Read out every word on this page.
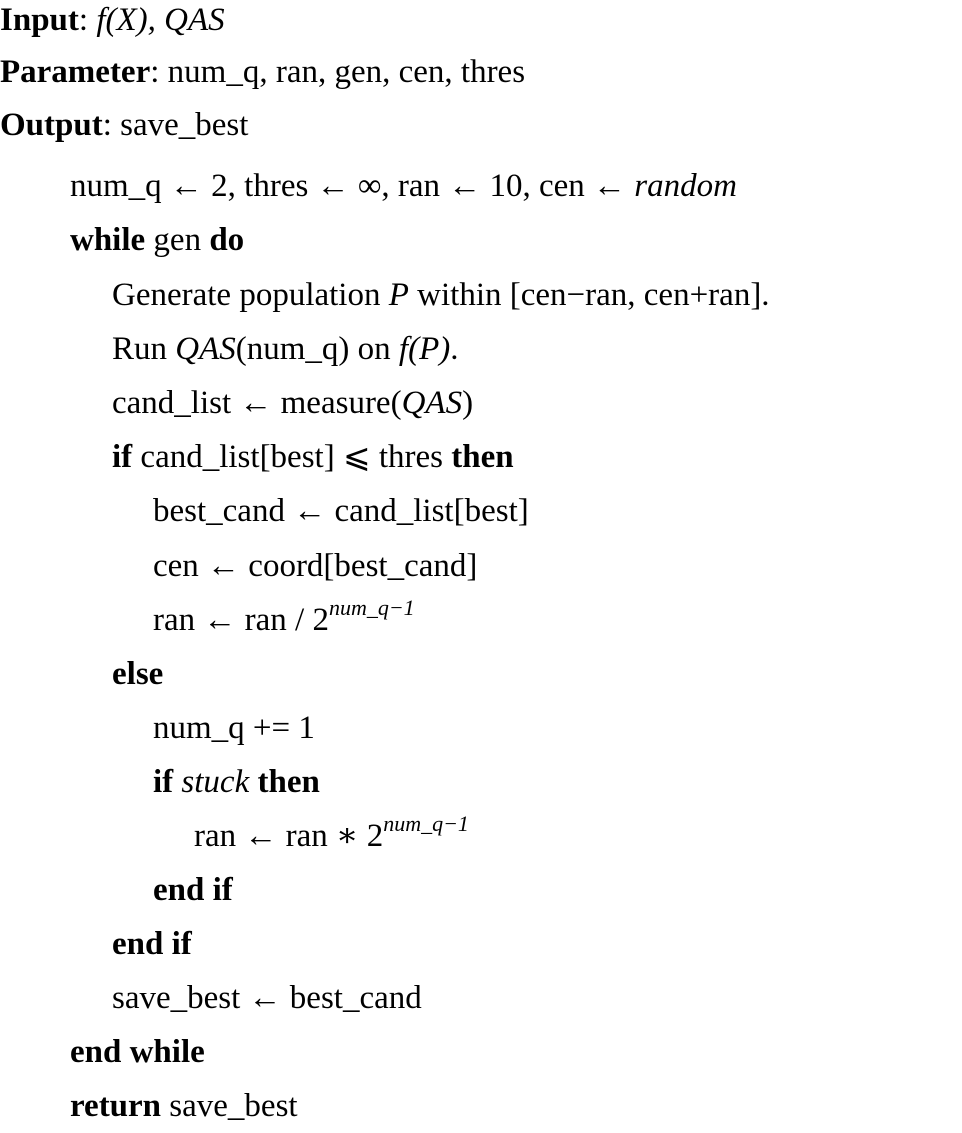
Input: f(X), QAS
Parameter: num_q, ran, gen, cen, thres
Output: save_best
num_q ← 2, thres ← ∞, ran ← 10, cen ← random
while gen do
Generate population P within [cen−ran, cen+ran].
Run QAS(num_q) on f(P).
cand_list ← measure(QAS)
if cand_list[best] ⩽ thres then
best_cand ← cand_list[best]
cen ← coord[best_cand]
ran ← ran / $2^{num\_q-1}$
else
num_q += 1
if stuck then
ran ← ran ∗ $2^{num\_q-1}$
end if
end if
save_best ← best_cand
end while
return save_best
